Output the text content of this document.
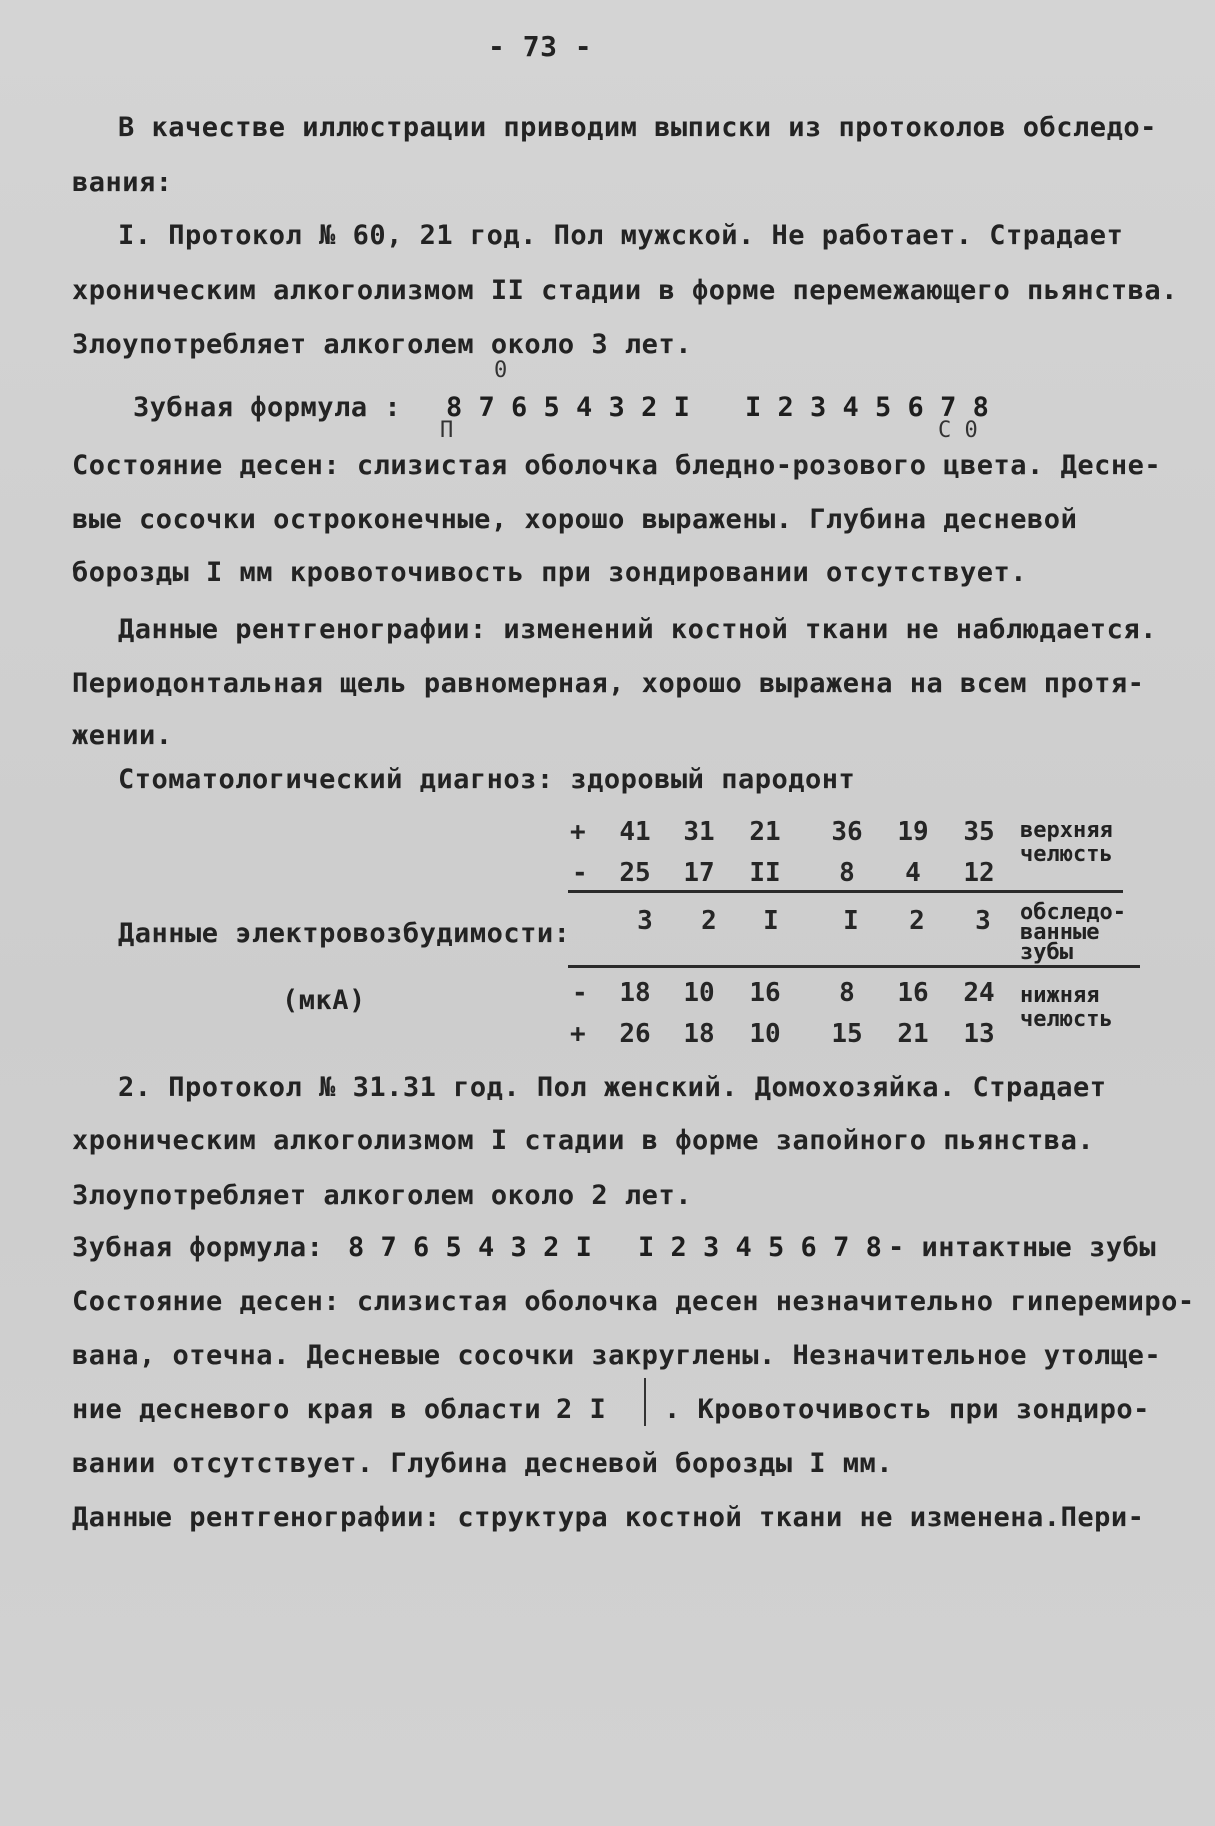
- 73 -
В качестве иллюстрации приводим выписки из протоколов обследо-
вания:
I. Протокол № 60, 21 год. Пол мужской. Не работает. Страдает
хроническим алкоголизмом II стадии в форме перемежающего пьянства.
Злоупотребляет алкоголем около 3 лет.
Зубная формула :
0
8 7 6 5 4 3 2 I I 2 3 4 5 6 7 8
П	С 0
Состояние десен: слизистая оболочка бледно-розового цвета. Десне-
вые сосочки остроконечные, хорошо выражены. Глубина десневой
борозды I мм кровоточивость при зондировании отсутствует.
Данные рентгенографии: изменений костной ткани не наблюдается.
Периодонтальная щель равномерная, хорошо выражена на всем протя-
жении.
Стоматологический диагноз: здоровый пародонт
+	41	31	21	36	19	35
-	25	17	II	8	4	12
верхняя
челюсть
Данные электровозбудимости:	3	2	I	I	2	3	обследо-
ванные
зубы
(мкА)	-	18	10	16	8	16	24
+	26	18	10	15	21	13
нижняя
челюсть
2. Протокол № 31.31 год. Пол женский. Домохозяйка. Страдает
хроническим алкоголизмом I стадии в форме запойного пьянства.
Злоупотребляет алкоголем около 2 лет.
Зубная формула: 8 7 6 5 4 3 2 I I 2 3 4 5 6 7 8 - интактные зубы
Состояние десен: слизистая оболочка десен незначительно гиперемиро-
вана, отечна. Десневые сосочки закруглены. Незначительное утолще-
ние десневого края в области 2 I . Кровоточивость при зондиро-
вании отсутствует. Глубина десневой борозды I мм.
Данные рентгенографии: структура костной ткани не изменена.Пери-
